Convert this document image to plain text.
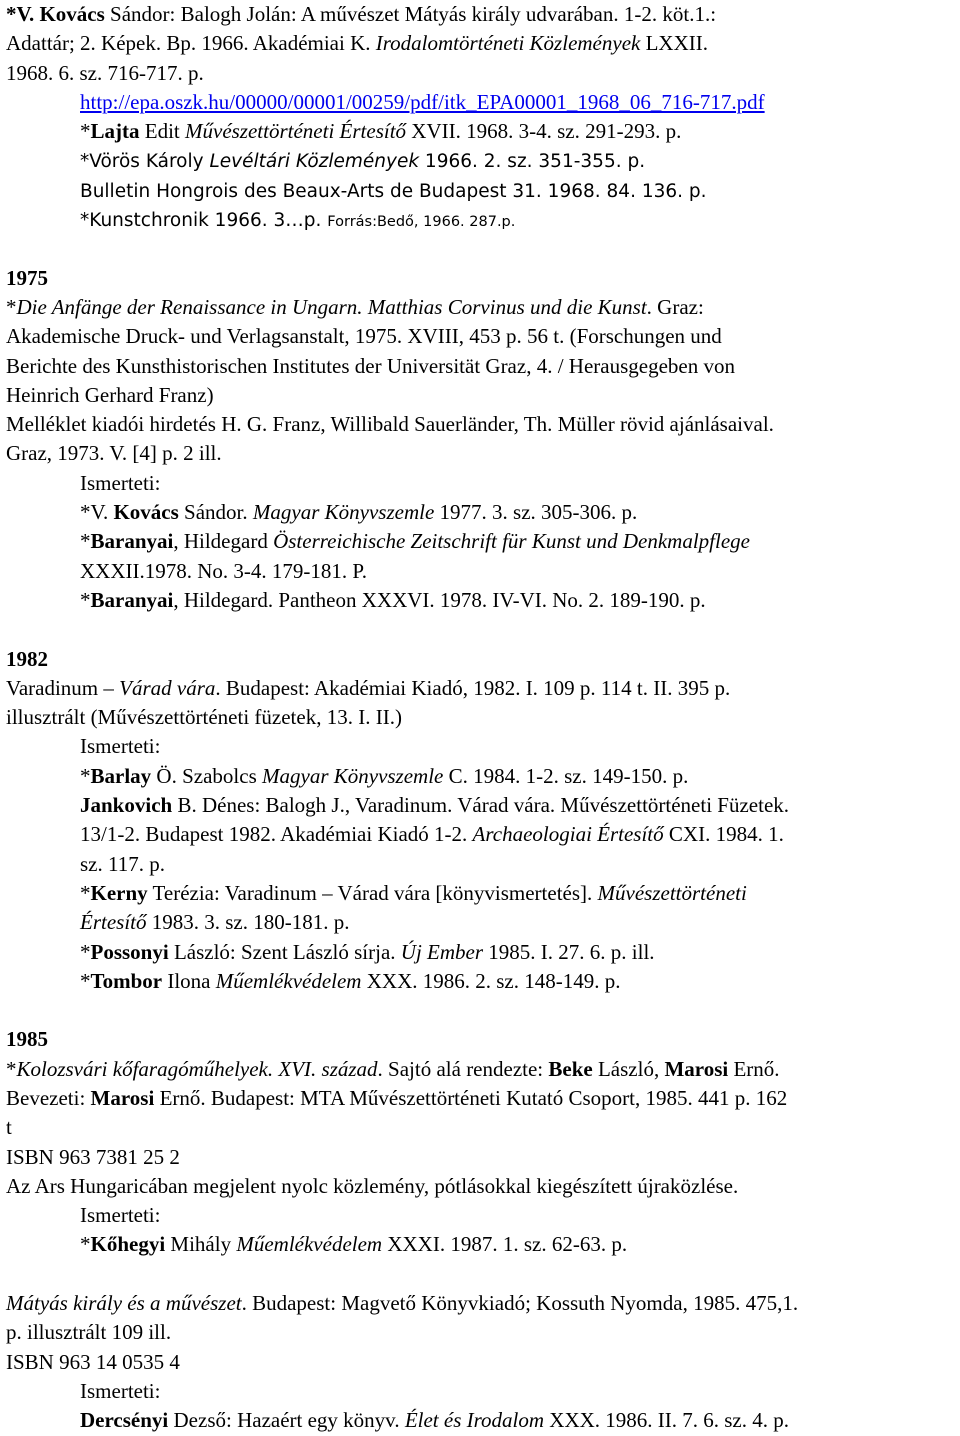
*V. Kovács Sándor: Balogh Jolán: A művészet Mátyás király udvarában. 1-2. köt.1.:
Adattár; 2. Képek. Bp. 1966. Akadémiai K. Irodalomtörténeti Közlemények LXXII.
1968. 6. sz. 716-717. p.
http://epa.oszk.hu/00000/00001/00259/pdf/itk_EPA00001_1968_06_716-717.pdf
*Lajta Edit Művészettörténeti Értesítő XVII. 1968. 3-4. sz. 291-293. p.
*Vörös Károly Levéltári Közlemények 1966. 2. sz. 351-355. p.
Bulletin Hongrois des Beaux-Arts de Budapest 31. 1968. 84. 136. p.
*Kunstchronik 1966. 3…p. Forrás:Bedő, 1966. 287.p.
1975
*Die Anfänge der Renaissance in Ungarn. Matthias Corvinus und die Kunst. Graz:
Akademische Druck- und Verlagsanstalt, 1975. XVIII, 453 p. 56 t. (Forschungen und
Berichte des Kunsthistorischen Institutes der Universität Graz, 4. / Herausgegeben von
Heinrich Gerhard Franz)
Melléklet kiadói hirdetés H. G. Franz, Willibald Sauerländer, Th. Müller rövid ajánlásaival.
Graz, 1973. V. [4] p. 2 ill.
Ismerteti:
*V. Kovács Sándor. Magyar Könyvszemle 1977. 3. sz. 305-306. p.
*Baranyai, Hildegard Österreichische Zeitschrift für Kunst und Denkmalpflege
XXXII.1978. No. 3-4. 179-181. P.
*Baranyai, Hildegard. Pantheon XXXVI. 1978. IV-VI. No. 2. 189-190. p.
1982
Varadinum – Várad vára. Budapest: Akadémiai Kiadó, 1982. I. 109 p. 114 t. II. 395 p.
illusztrált (Művészettörténeti füzetek, 13. I. II.)
Ismerteti:
*Barlay Ö. Szabolcs Magyar Könyvszemle C. 1984. 1-2. sz. 149-150. p.
Jankovich B. Dénes: Balogh J., Varadinum. Várad vára. Művészettörténeti Füzetek.
13/1-2. Budapest 1982. Akadémiai Kiadó 1-2. Archaeologiai Értesítő CXI. 1984. 1.
sz. 117. p.
*Kerny Terézia: Varadinum – Várad vára [könyvismertetés]. Művészettörténeti
Értesítő 1983. 3. sz. 180-181. p.
*Possonyi László: Szent László sírja. Új Ember 1985. I. 27. 6. p. ill.
*Tombor Ilona Műemlékvédelem XXX. 1986. 2. sz. 148-149. p.
1985
*Kolozsvári kőfaragóműhelyek. XVI. század. Sajtó alá rendezte: Beke László, Marosi Ernő.
Bevezeti: Marosi Ernő. Budapest: MTA Művészettörténeti Kutató Csoport, 1985. 441 p. 162
t
ISBN 963 7381 25 2
Az Ars Hungaricában megjelent nyolc közlemény, pótlásokkal kiegészített újraközlése.
Ismerteti:
*Kőhegyi Mihály Műemlékvédelem XXXI. 1987. 1. sz. 62-63. p.
Mátyás király és a művészet. Budapest: Magvető Könyvkiadó; Kossuth Nyomda, 1985. 475,1.
p. illusztrált 109 ill.
ISBN 963 14 0535 4
Ismerteti:
Dercsényi Dezső: Hazaért egy könyv. Élet és Irodalom XXX. 1986. II. 7. 6. sz. 4. p.
